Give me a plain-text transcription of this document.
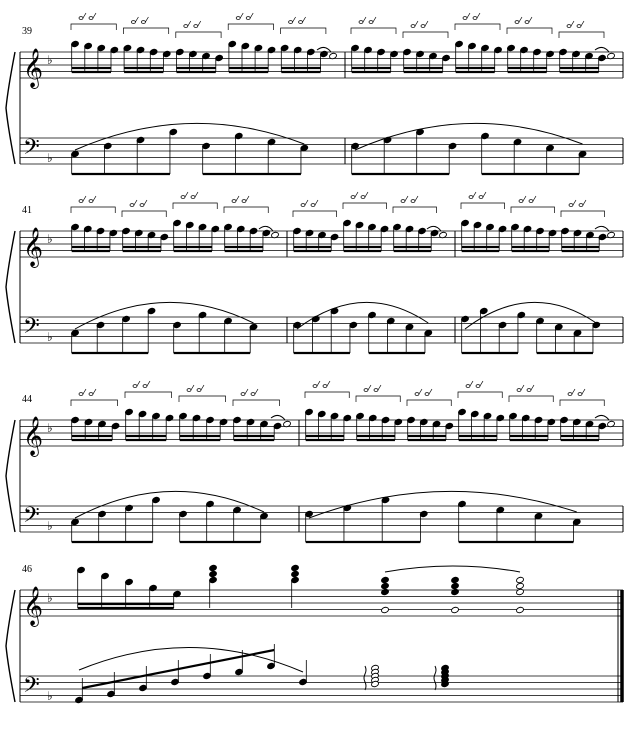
39
𝄞
𝄢
♭
♭
41
𝄞
𝄢
♭
♭
44
𝄞
𝄢
♭
♭
46
𝄞
𝄢
♭
♭
